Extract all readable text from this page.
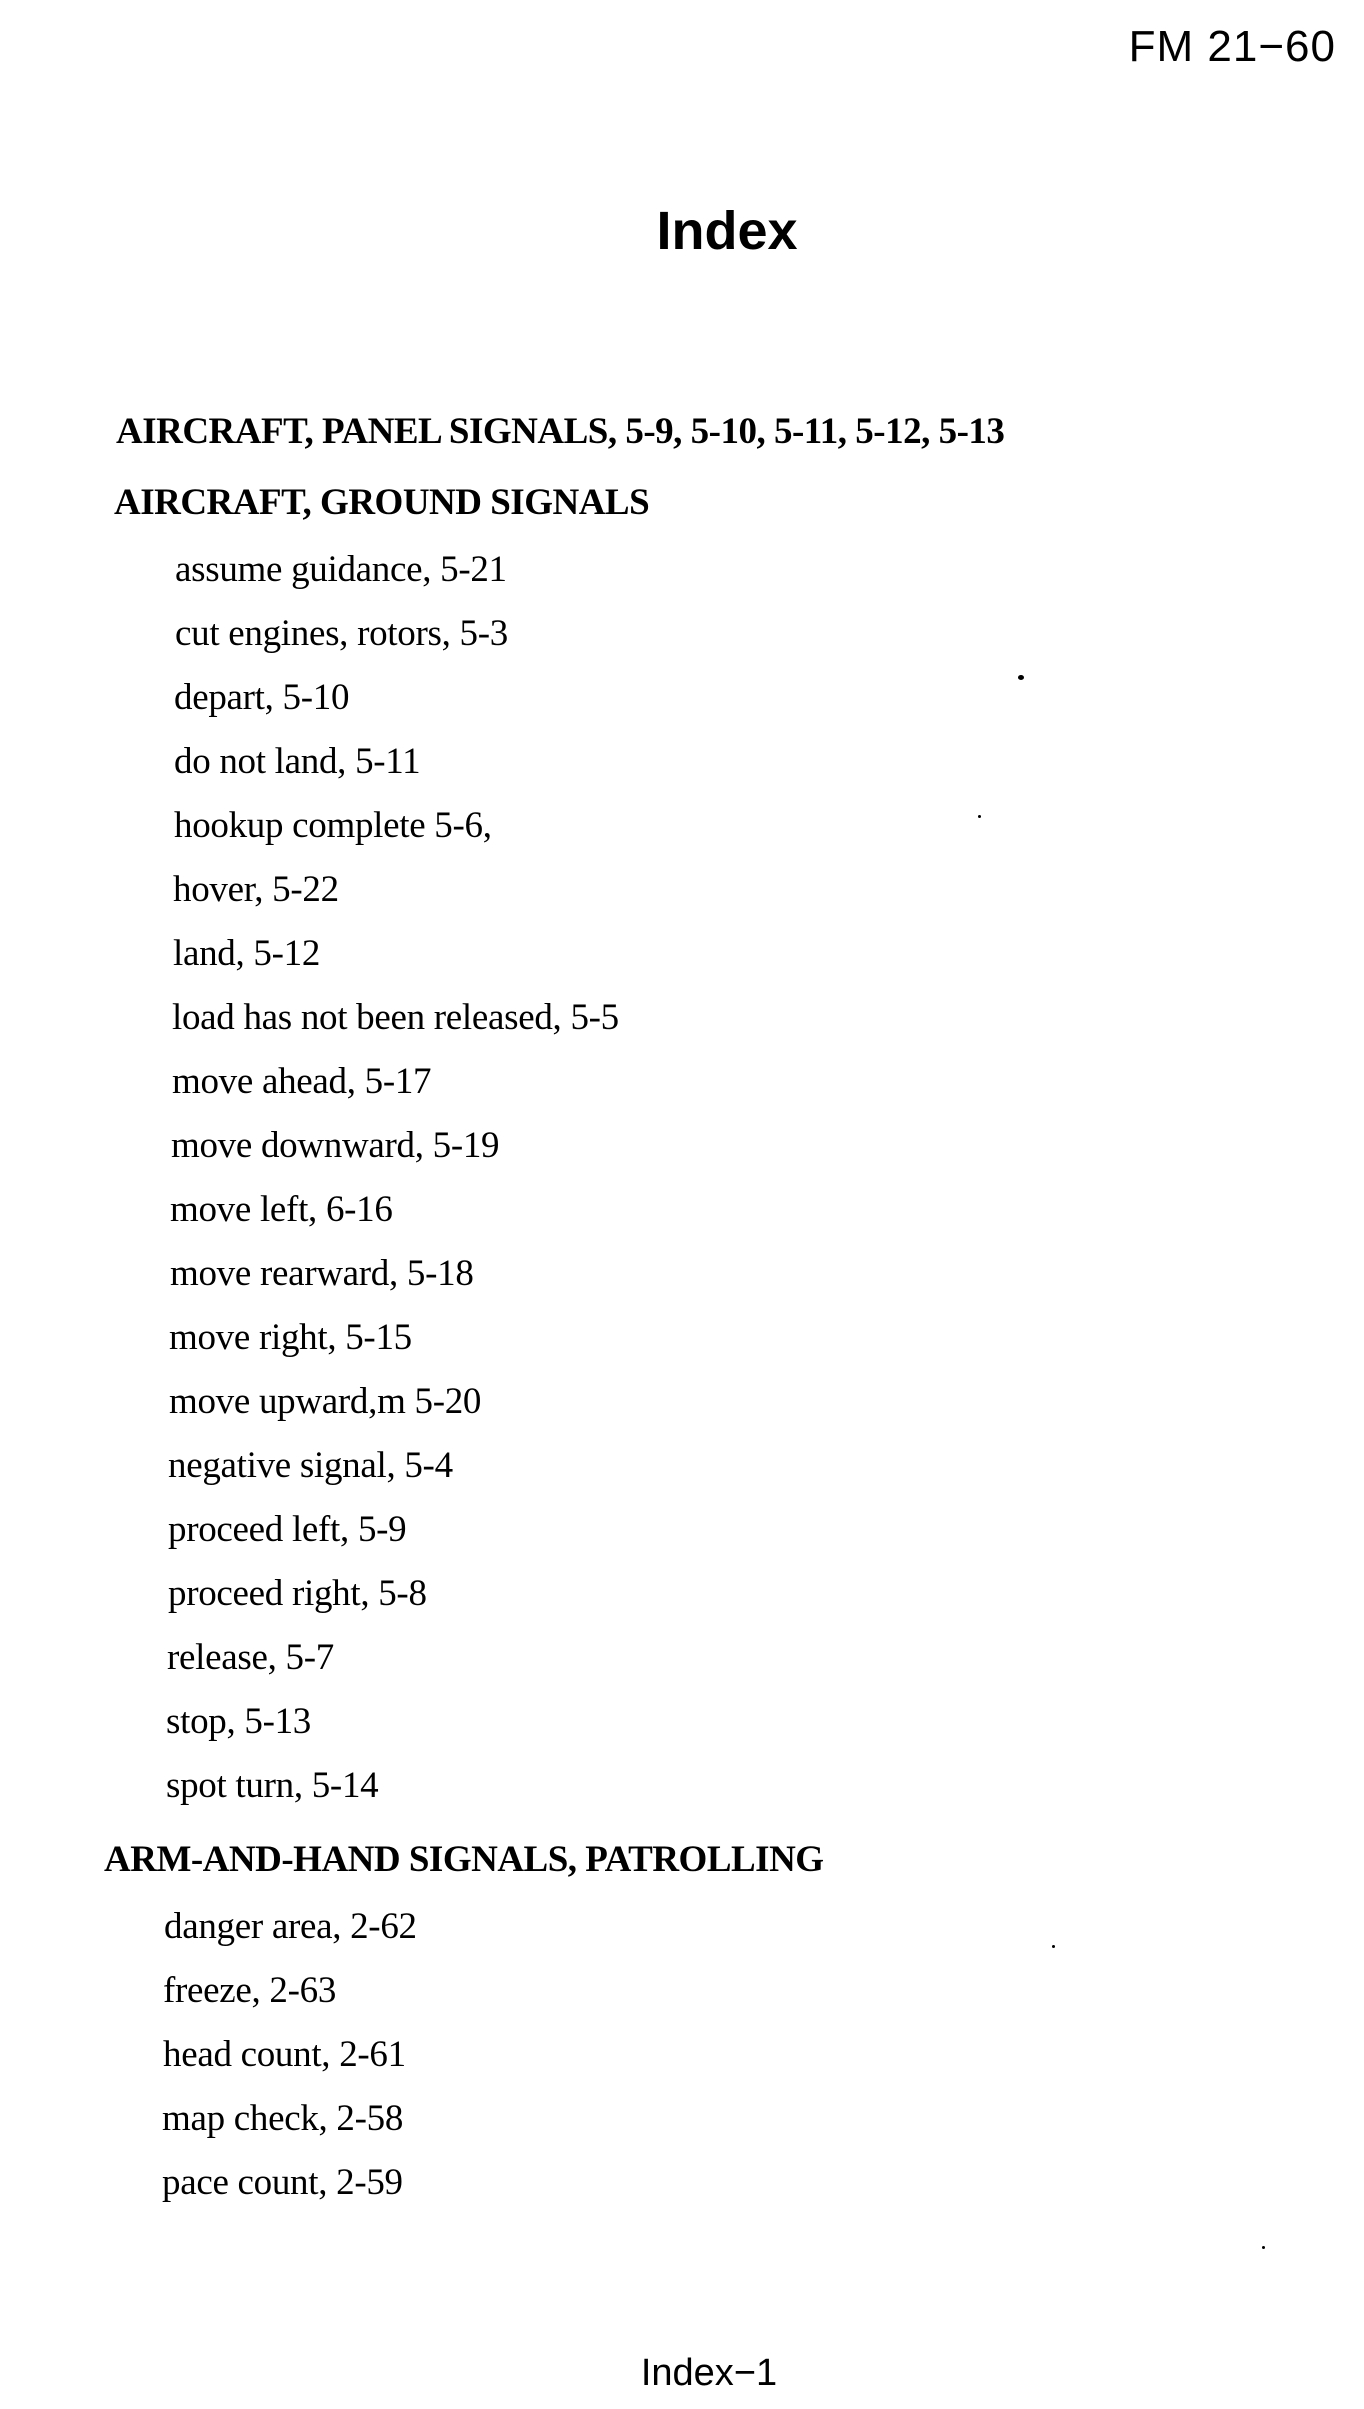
FM 21−60
Index
AIRCRAFT, PANEL SIGNALS, 5-9, 5-10, 5-11, 5-12, 5-13
AIRCRAFT, GROUND SIGNALS
assume guidance, 5-21
cut engines, rotors, 5-3
depart, 5-10
do not land, 5-11
hookup complete 5-6,
hover, 5-22
land, 5-12
load has not been released, 5-5
move ahead, 5-17
move downward, 5-19
move left, 6-16
move rearward, 5-18
move right, 5-15
move upward,m 5-20
negative signal, 5-4
proceed left, 5-9
proceed right, 5-8
release, 5-7
stop, 5-13
spot turn, 5-14
ARM-AND-HAND SIGNALS, PATROLLING
danger area, 2-62
freeze, 2-63
head count, 2-61
map check, 2-58
pace count, 2-59
Index−1
